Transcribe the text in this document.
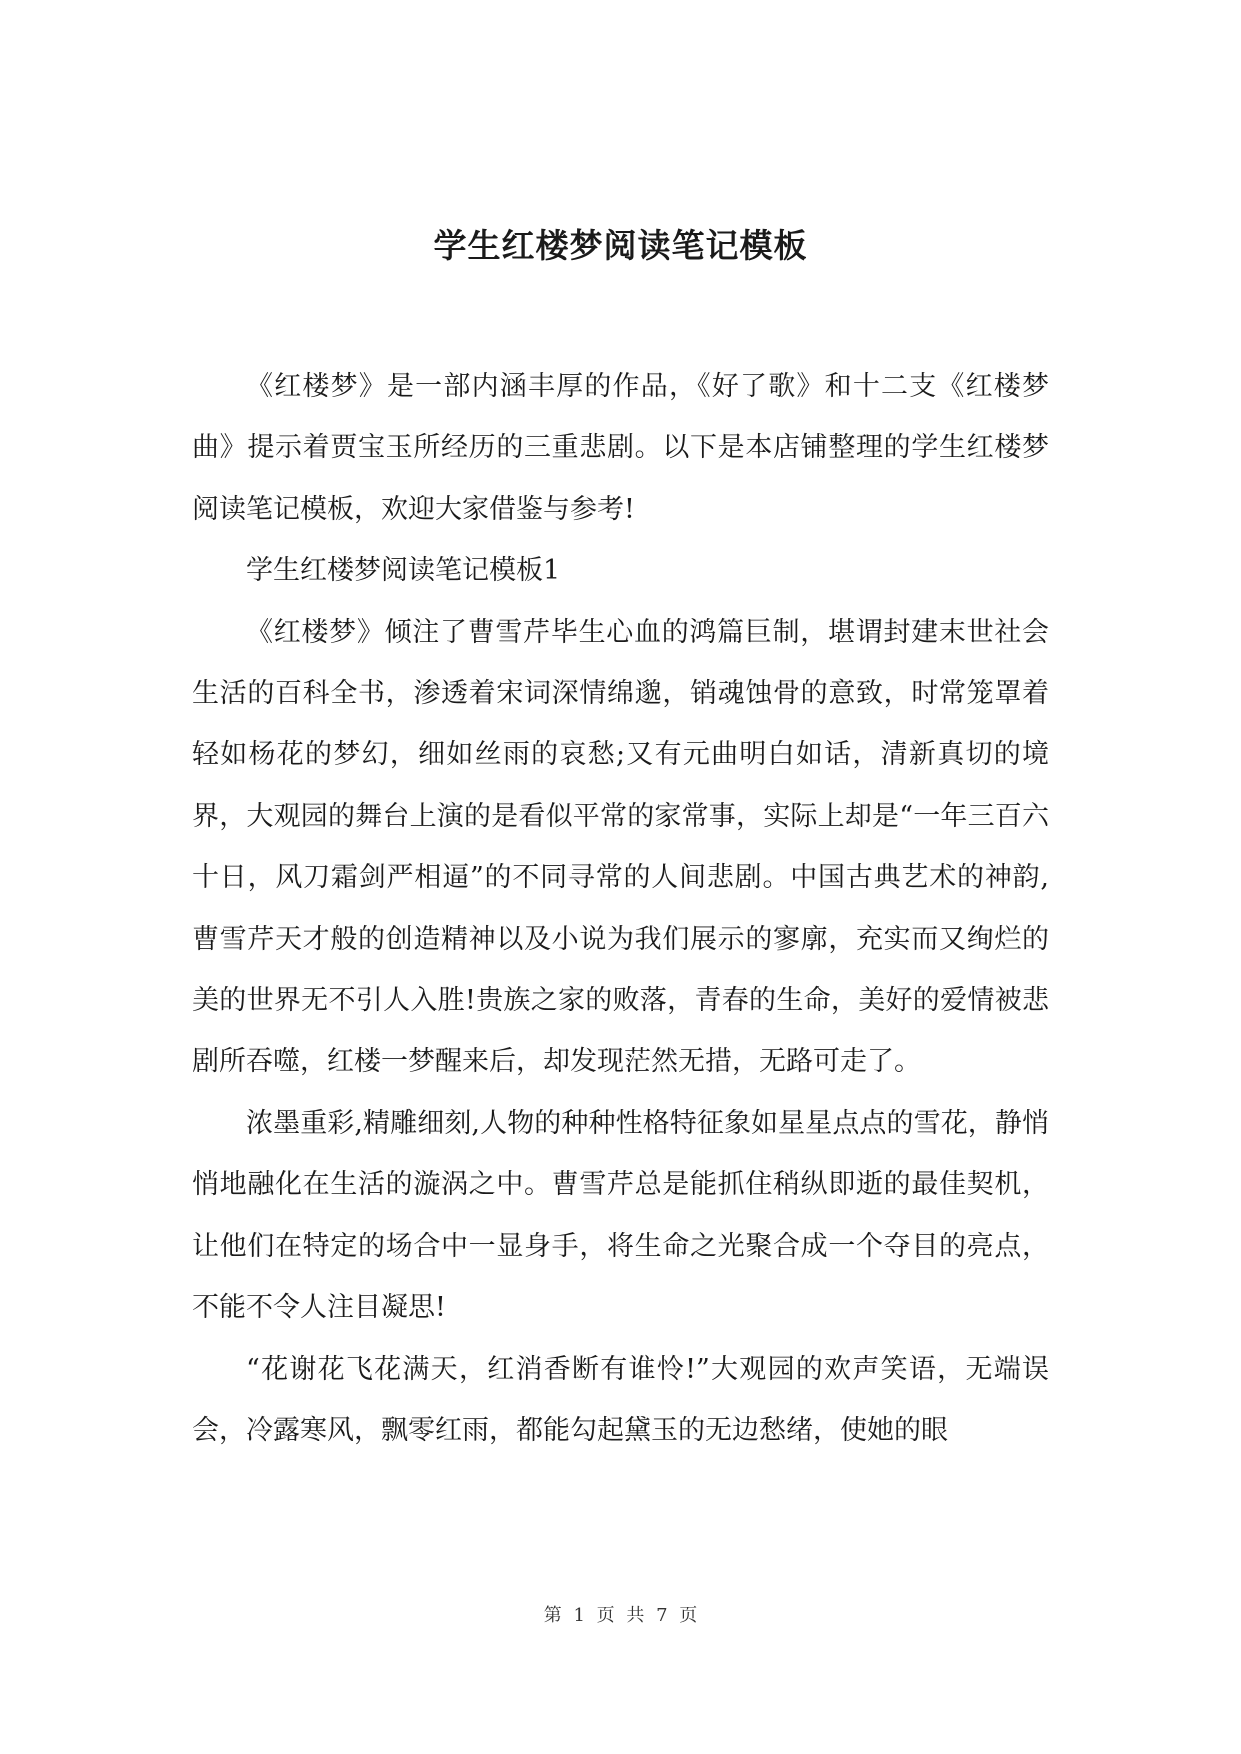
学生红楼梦阅读笔记模板

《红楼梦》是一部内涵丰厚的作品，《好了歌》和十二支《红楼梦曲》提示着贾宝玉所经历的三重悲剧。以下是本店铺整理的学生红楼梦阅读笔记模板，欢迎大家借鉴与参考!

学生红楼梦阅读笔记模板1

《红楼梦》倾注了曹雪芹毕生心血的鸿篇巨制，堪谓封建末世社会生活的百科全书，渗透着宋词深情绵邈，销魂蚀骨的意致，时常笼罩着轻如杨花的梦幻，细如丝雨的哀愁;又有元曲明白如话，清新真切的境界，大观园的舞台上演的是看似平常的家常事，实际上却是“一年三百六十日，风刀霜剑严相逼”的不同寻常的人间悲剧。中国古典艺术的神韵,曹雪芹天才般的创造精神以及小说为我们展示的寥廓，充实而又绚烂的美的世界无不引人入胜!贵族之家的败落，青春的生命，美好的爱情被悲剧所吞噬，红楼一梦醒来后，却发现茫然无措，无路可走了。

浓墨重彩,精雕细刻,人物的种种性格特征象如星星点点的雪花，静悄悄地融化在生活的漩涡之中。曹雪芹总是能抓住稍纵即逝的最佳契机，让他们在特定的场合中一显身手，将生命之光聚合成一个夺目的亮点，不能不令人注目凝思!

“花谢花飞花满天，红消香断有谁怜!”大观园的欢声笑语，无端误会，冷露寒风，飘零红雨，都能勾起黛玉的无边愁绪，使她的眼

第 1 页 共 7 页
